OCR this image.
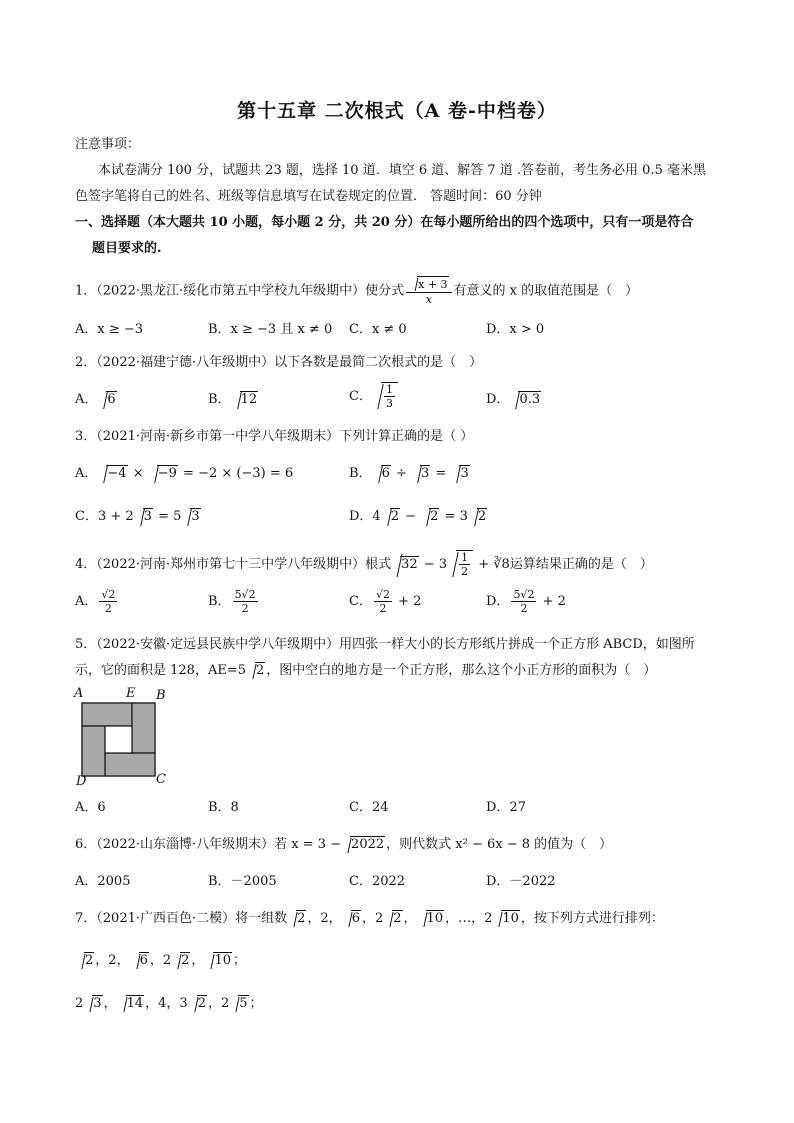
第十五章 二次根式（A 卷-中档卷）
注意事项：
本试卷满分 100 分，试题共 23 题，选择 10 道．填空 6 道、解答 7 道 .答卷前，考生务必用 0.5 毫米黑
色签字笔将自己的姓名、班级等信息填写在试卷规定的位置． 答题时间：60 分钟
一、选择题（本大题共 10 小题，每小题 2 分，共 20 分）在每小题所给出的四个选项中，只有一项是符合
题目要求的.
1．（2022·黑龙江·绥化市第五中学校九年级期中）使分式 $\frac{x + 3}{x}$ 有意义的 x 的取值范围是（　）
A．x ≥ −3	B．x ≥ −3 且 x ≠ 0 C．x ≠ 0	D．x > 0
2．（2022·福建宁德·八年级期中）以下各数是最简二次根式的是（　）
A． 6	B． 12	C． $\frac{1}{3}$	D． 0.3
3．（2021·河南·新乡市第一中学八年级期末）下列计算正确的是（ ）
A． −4 × −9 = −2 × (−3) = 6	B． 6 ÷ 3 = 3
C．3 + 2 3 = 5 3	D．4 2 − 2 = 3 2
4．（2022·河南·郑州市第七十三中学八年级期中）根式 $32 - 3 \frac{1}{2}$ + ∛8运算结果正确的是（　）
A． $\frac{√2}{2}$	B． $\frac{5√2}{2}$	C． $\frac{√2}{2} + 2$	D． $\frac{5√2}{2} + 2$
5．（2022·安徽·定远县民族中学八年级期中）用四张一样大小的长方形纸片拼成一个正方形 ABCD，如图所
示，它的面积是 128，AE=5 2 ，图中空白的地方是一个正方形，那么这个小正方形的面积为（　）
A	E B
D	C
A．6	B．8	C．24	D．27
6．（2022·山东淄博·八年级期末）若 x = 3 − 2022 ，则代数式 x² − 6x − 8 的值为（　）
A．2005	B．－2005	C．2022	D．－2022
7．（2021·广西百色·二模）将一组数 2 ，2， 6 ，2 2 ， 10 ，…，2 10 ，按下列方式进行排列：
2 ，2， 6 ，2 2 ， 10 ；
2 3 ， 14 ，4，3 2 ，2 5 ；
